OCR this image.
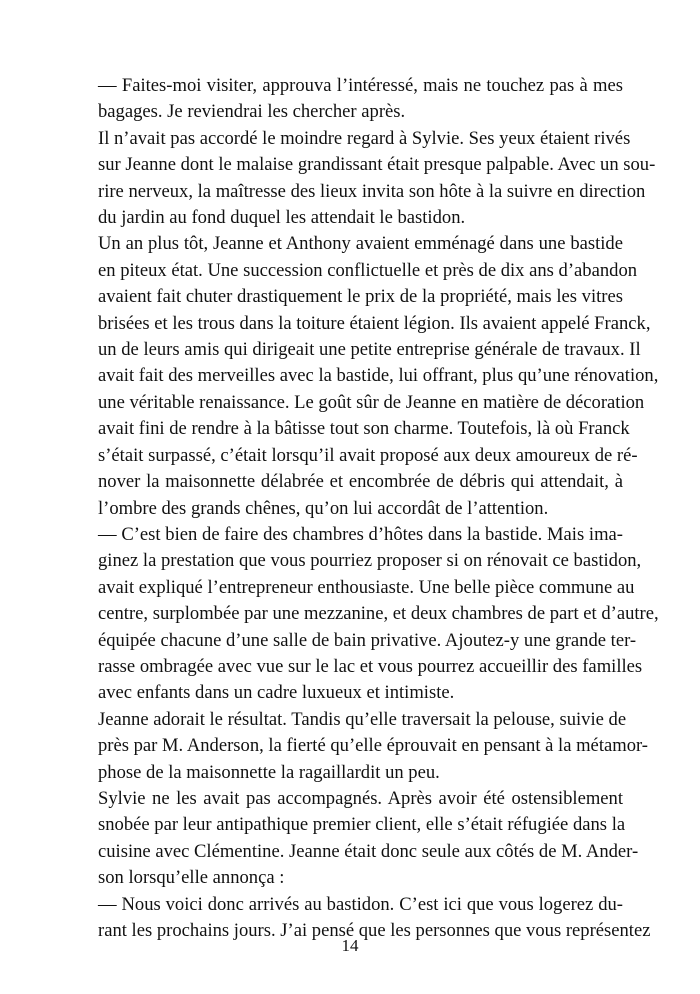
— Faites-moi visiter, approuva l’intéressé, mais ne touchez pas à mes
bagages. Je reviendrai les chercher après.

Il n’avait pas accordé le moindre regard à Sylvie. Ses yeux étaient rivés
sur Jeanne dont le malaise grandissant était presque palpable. Avec un sou-
rire nerveux, la maîtresse des lieux invita son hôte à la suivre en direction
du jardin au fond duquel les attendait le bastidon.

Un an plus tôt, Jeanne et Anthony avaient emménagé dans une bastide
en piteux état. Une succession conflictuelle et près de dix ans d’abandon
avaient fait chuter drastiquement le prix de la propriété, mais les vitres
brisées et les trous dans la toiture étaient légion. Ils avaient appelé Franck,
un de leurs amis qui dirigeait une petite entreprise générale de travaux. Il
avait fait des merveilles avec la bastide, lui offrant, plus qu’une rénovation,
une véritable renaissance. Le goût sûr de Jeanne en matière de décoration
avait fini de rendre à la bâtisse tout son charme. Toutefois, là où Franck
s’était surpassé, c’était lorsqu’il avait proposé aux deux amoureux de ré-
nover la maisonnette délabrée et encombrée de débris qui attendait, à
l’ombre des grands chênes, qu’on lui accordât de l’attention.

— C’est bien de faire des chambres d’hôtes dans la bastide. Mais ima-
ginez la prestation que vous pourriez proposer si on rénovait ce bastidon,
avait expliqué l’entrepreneur enthousiaste. Une belle pièce commune au
centre, surplombée par une mezzanine, et deux chambres de part et d’autre,
équipée chacune d’une salle de bain privative. Ajoutez-y une grande ter-
rasse ombragée avec vue sur le lac et vous pourrez accueillir des familles
avec enfants dans un cadre luxueux et intimiste.

Jeanne adorait le résultat. Tandis qu’elle traversait la pelouse, suivie de
près par M. Anderson, la fierté qu’elle éprouvait en pensant à la métamor-
phose de la maisonnette la ragaillardit un peu.

Sylvie ne les avait pas accompagnés. Après avoir été ostensiblement
snobée par leur antipathique premier client, elle s’était réfugiée dans la
cuisine avec Clémentine. Jeanne était donc seule aux côtés de M. Ander-
son lorsqu’elle annonça :

— Nous voici donc arrivés au bastidon. C’est ici que vous logerez du-
rant les prochains jours. J’ai pensé que les personnes que vous représentez

14
